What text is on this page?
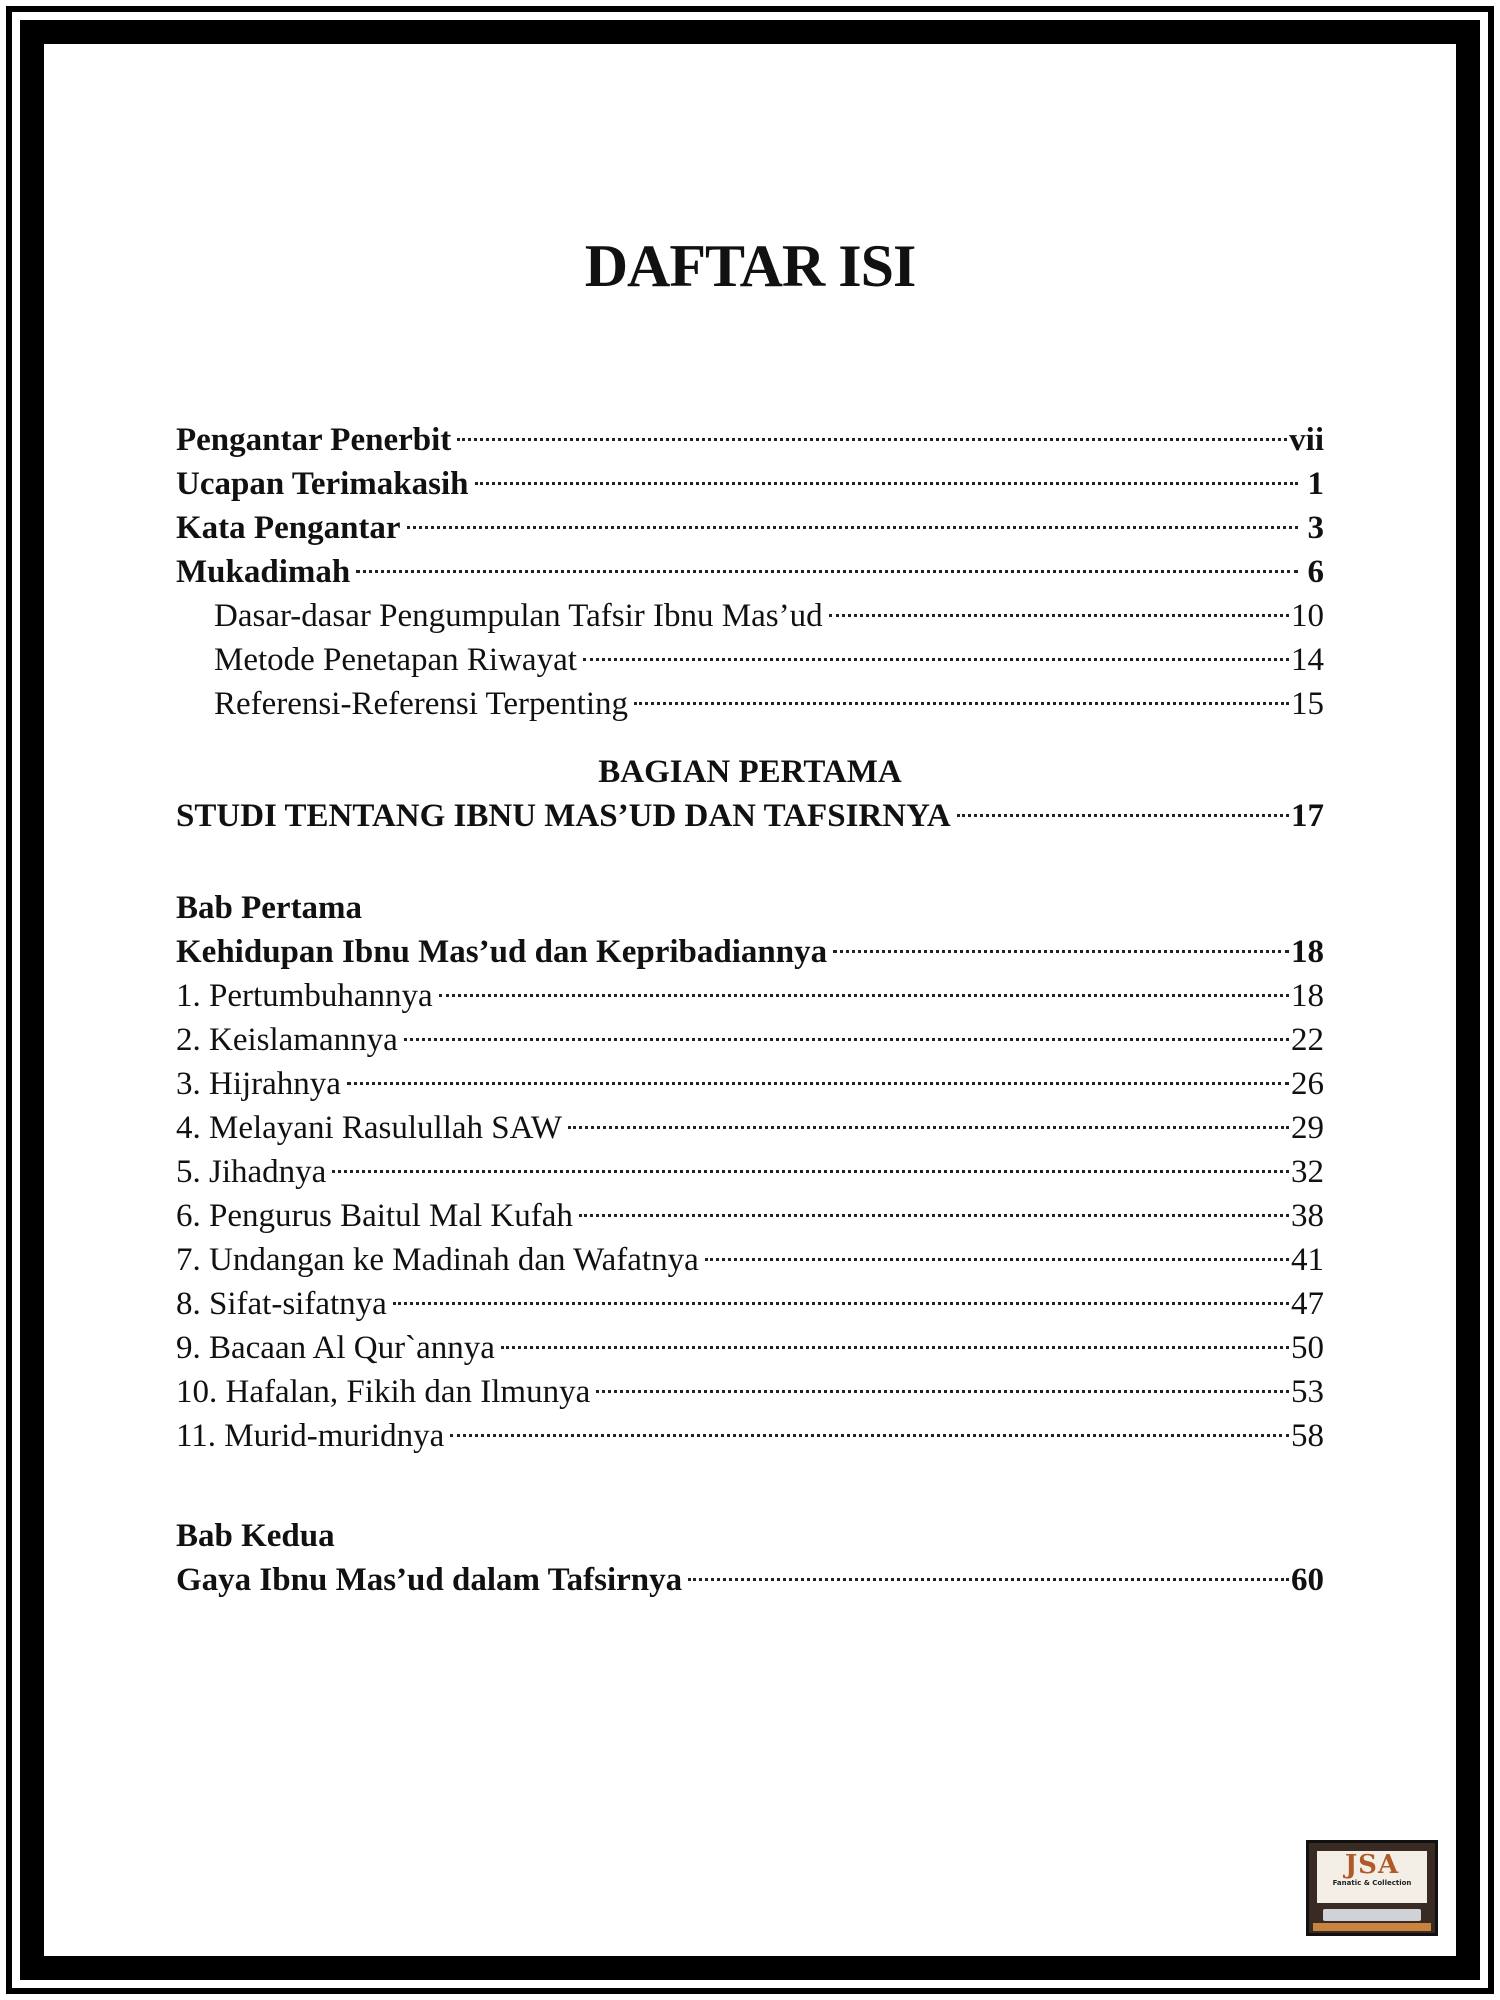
DAFTAR ISI
Pengantar Penerbit	vii
Ucapan Terimakasih	1
Kata Pengantar	3
Mukadimah	6
Dasar-dasar Pengumpulan Tafsir Ibnu Mas’ud	10
Metode Penetapan Riwayat	14
Referensi-Referensi Terpenting	15
BAGIAN PERTAMA
STUDI TENTANG IBNU MAS’UD DAN TAFSIRNYA	17
Bab Pertama
Kehidupan Ibnu Mas’ud dan Kepribadiannya	18
1. Pertumbuhannya	18
2. Keislamannya	22
3. Hijrahnya	26
4. Melayani Rasulullah SAW	29
5. Jihadnya	32
6. Pengurus Baitul Mal Kufah	38
7. Undangan ke Madinah dan Wafatnya	41
8. Sifat-sifatnya	47
9. Bacaan Al Qur`annya	50
10. Hafalan, Fikih dan Ilmunya	53
11. Murid-muridnya	58
Bab Kedua
Gaya Ibnu Mas’ud dalam Tafsirnya	60
JSA
Fanatic & Collection
